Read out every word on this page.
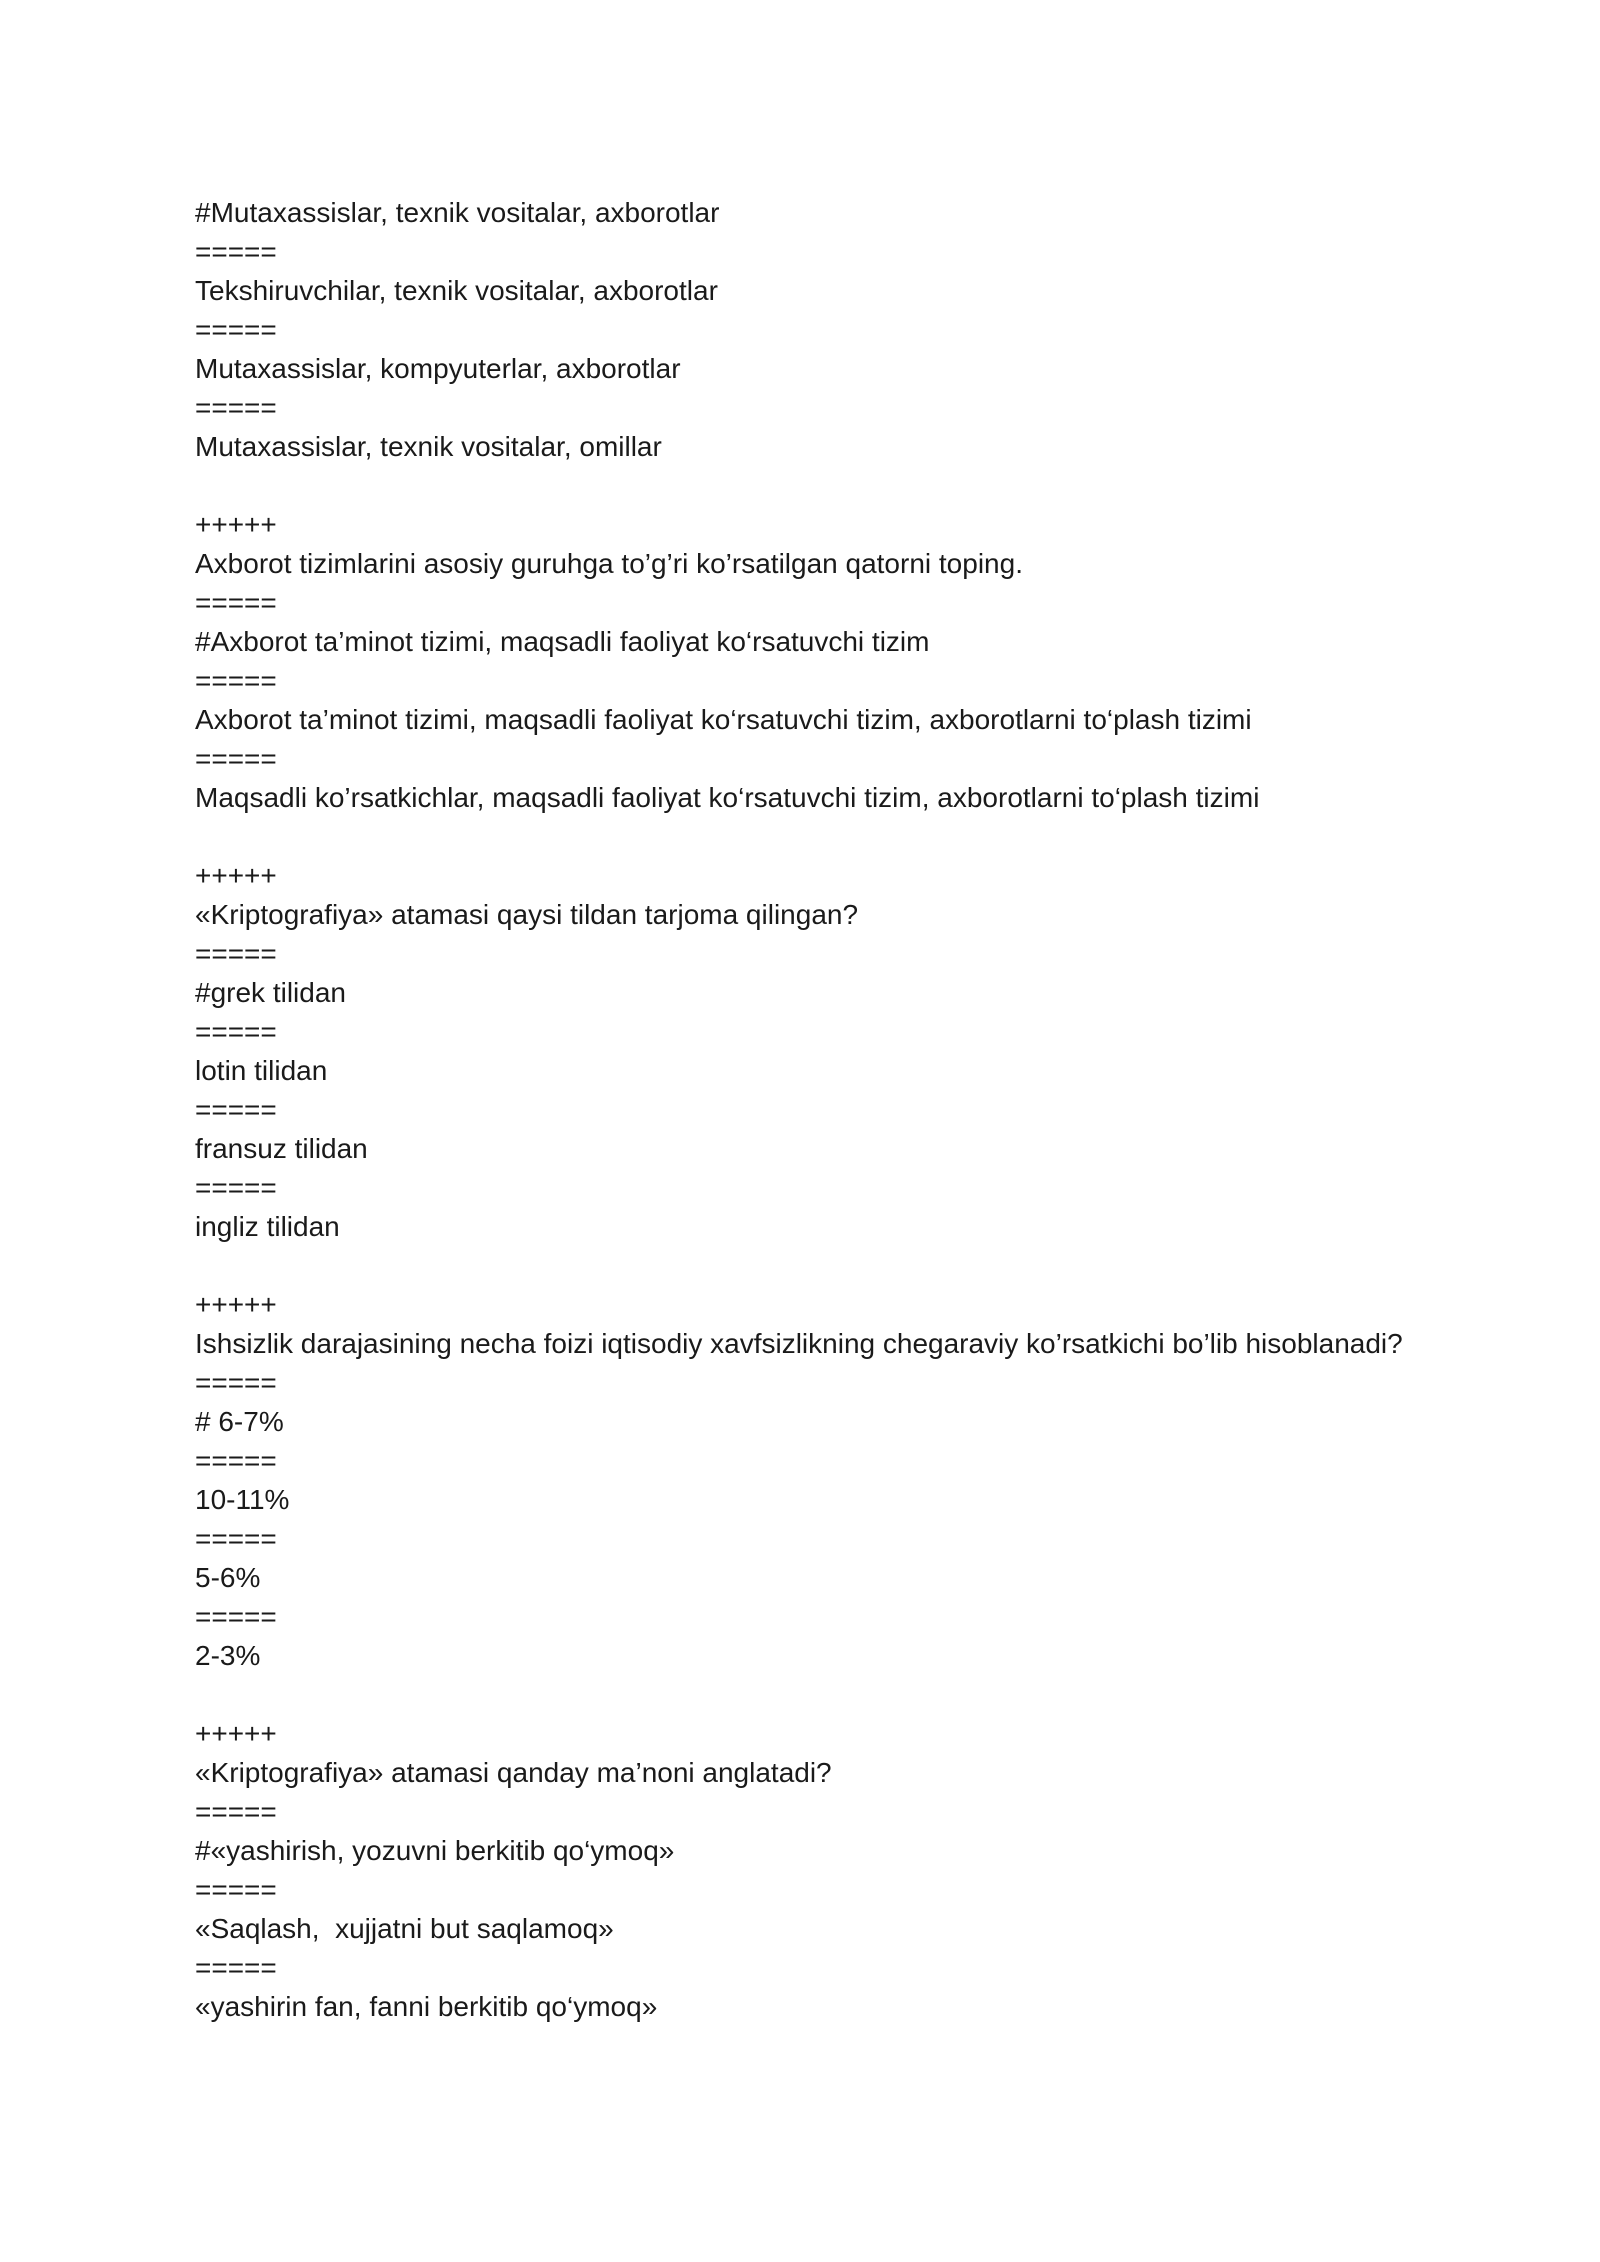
#Mutaxassislar, texnik vositalar, axborotlar
=====
Tekshiruvchilar, texnik vositalar, axborotlar
=====
Mutaxassislar, kompyuterlar, axborotlar
=====
Mutaxassislar, texnik vositalar, omillar
+++++
Axborot tizimlarini asosiy guruhga to’g’ri ko’rsatilgan qatorni toping.
=====
#Axborot ta’minot tizimi, maqsadli faoliyat ko‘rsatuvchi tizim
=====
Axborot ta’minot tizimi, maqsadli faoliyat ko‘rsatuvchi tizim, axborotlarni to‘plash tizimi
=====
Maqsadli ko’rsatkichlar, maqsadli faoliyat ko‘rsatuvchi tizim, axborotlarni to‘plash tizimi
+++++
«Kriptografiya» atamasi qaysi tildan tarjoma qilingan?
=====
#grek tilidan
=====
lotin tilidan
=====
fransuz tilidan
=====
ingliz tilidan
+++++
Ishsizlik darajasining necha foizi iqtisodiy xavfsizlikning chegaraviy ko’rsatkichi bo’lib hisoblanadi?
=====
# 6-7%
=====
10-11%
=====
5-6%
=====
2-3%
+++++
«Kriptografiya» atamasi qanday ma’noni anglatadi?
=====
#«yashirish, yozuvni berkitib qo‘ymoq»
=====
«Saqlash,  xujjatni but saqlamoq»
=====
«yashirin fan, fanni berkitib qo‘ymoq»
